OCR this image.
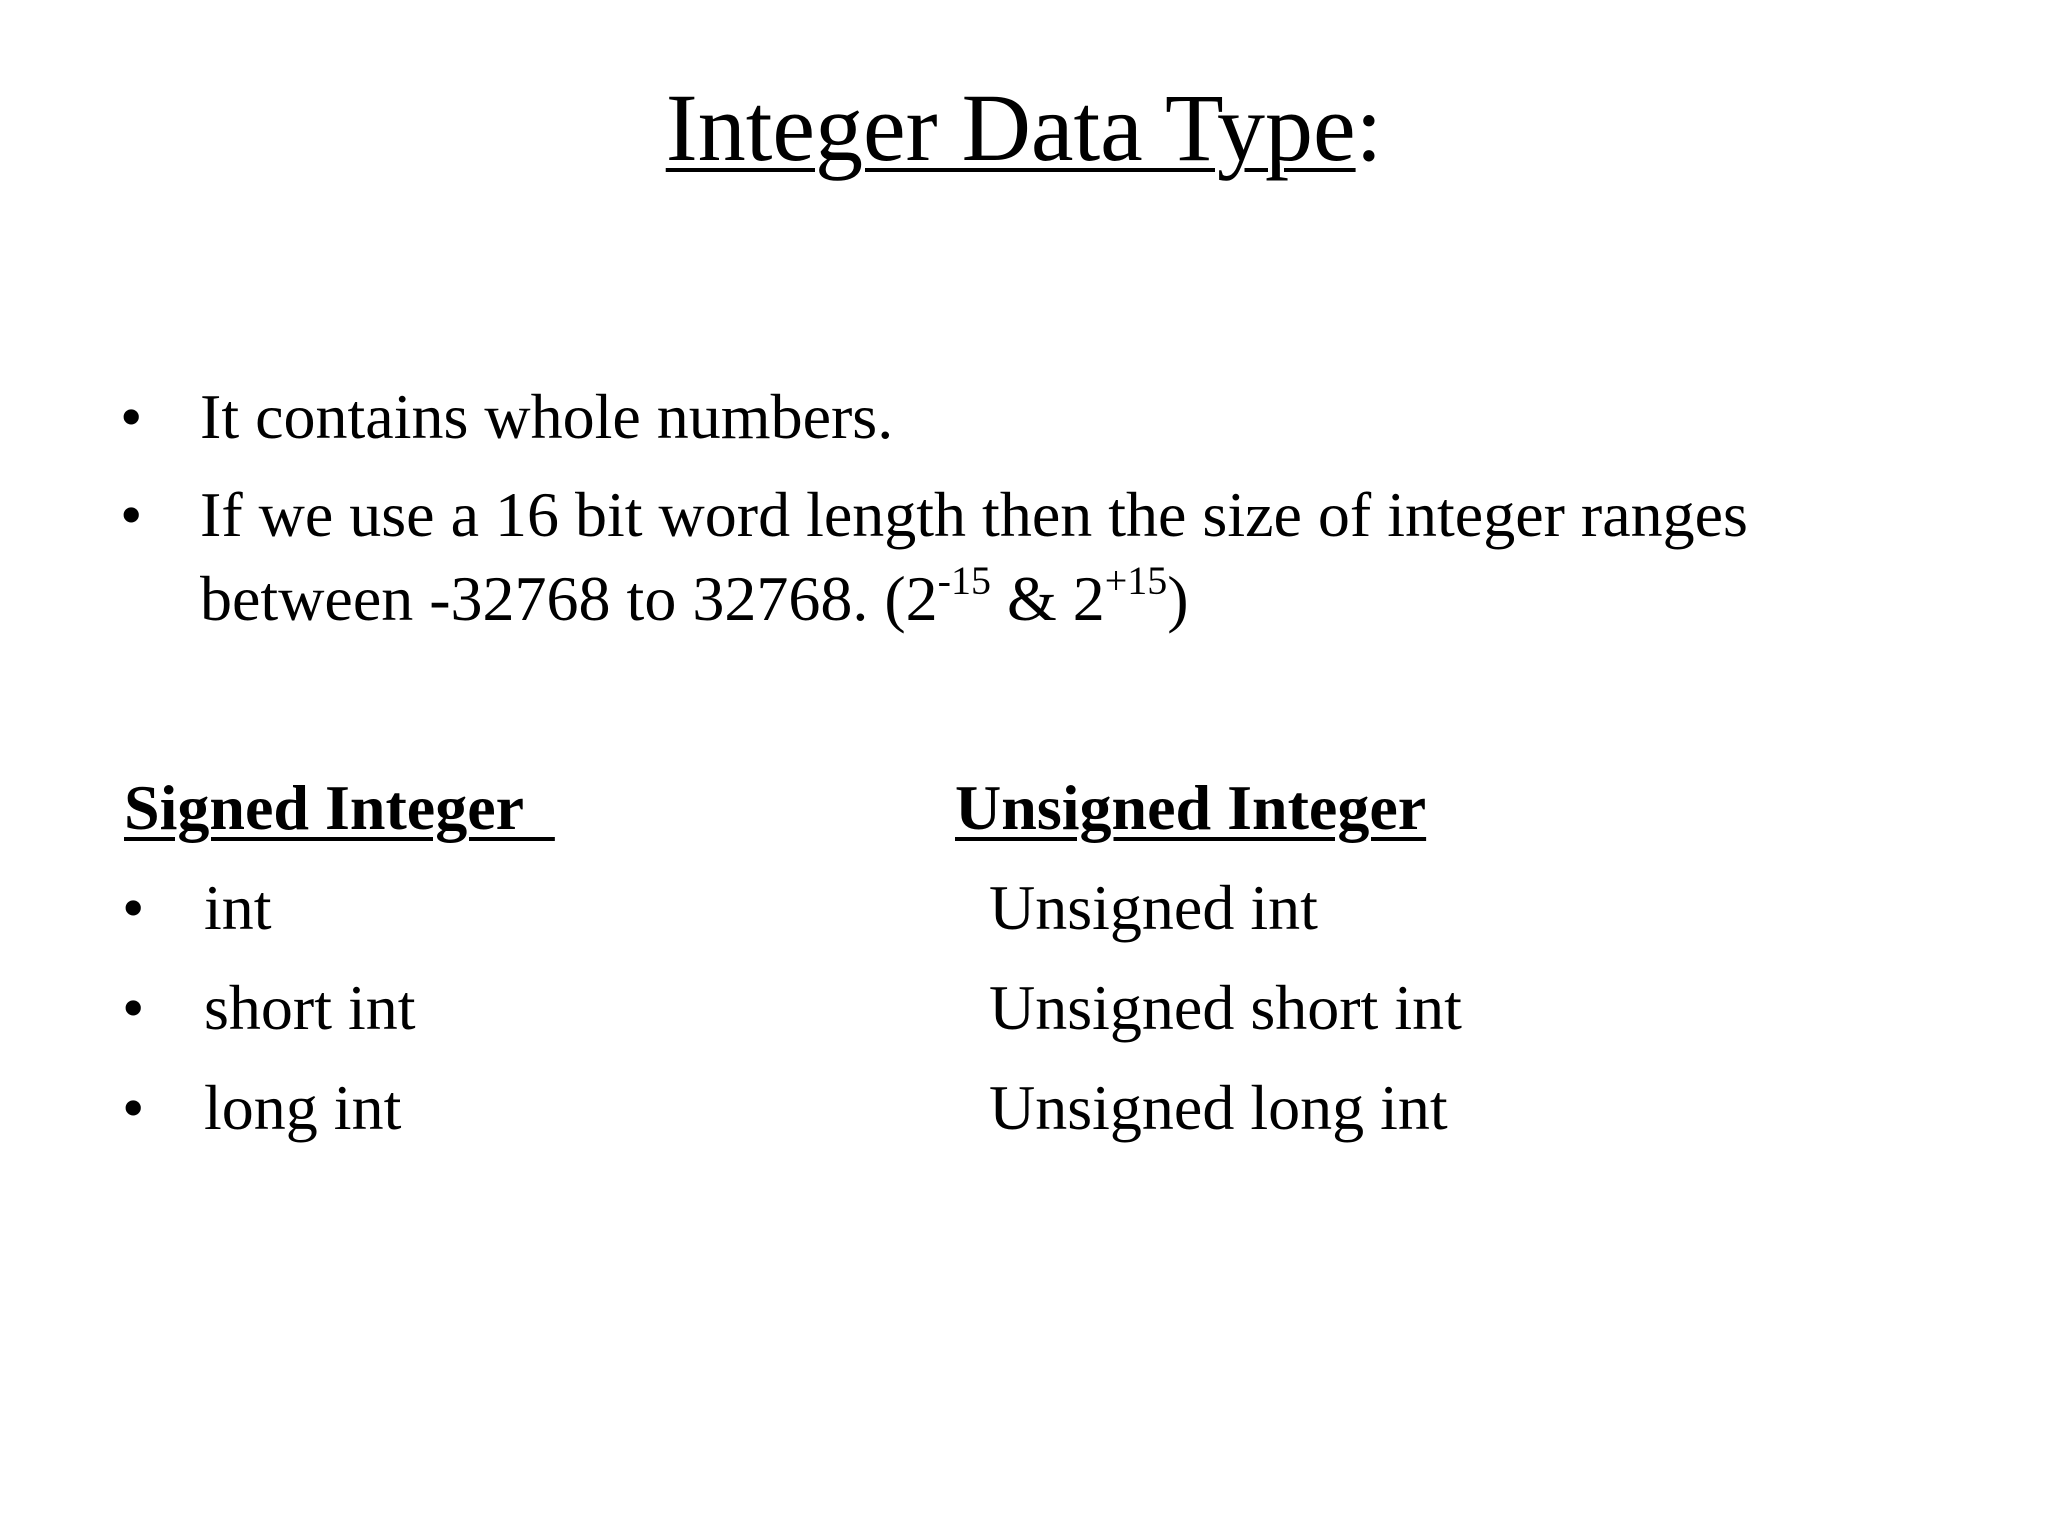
Integer Data Type:
• It contains whole numbers.
• If we use a 16 bit word length then the size of integer ranges between -32768 to 32768. ($2^{-15}$ & $2^{+15}$)
Signed Integer
• int
• short int
• long int
Unsigned Integer
Unsigned int
Unsigned short int
Unsigned long int
